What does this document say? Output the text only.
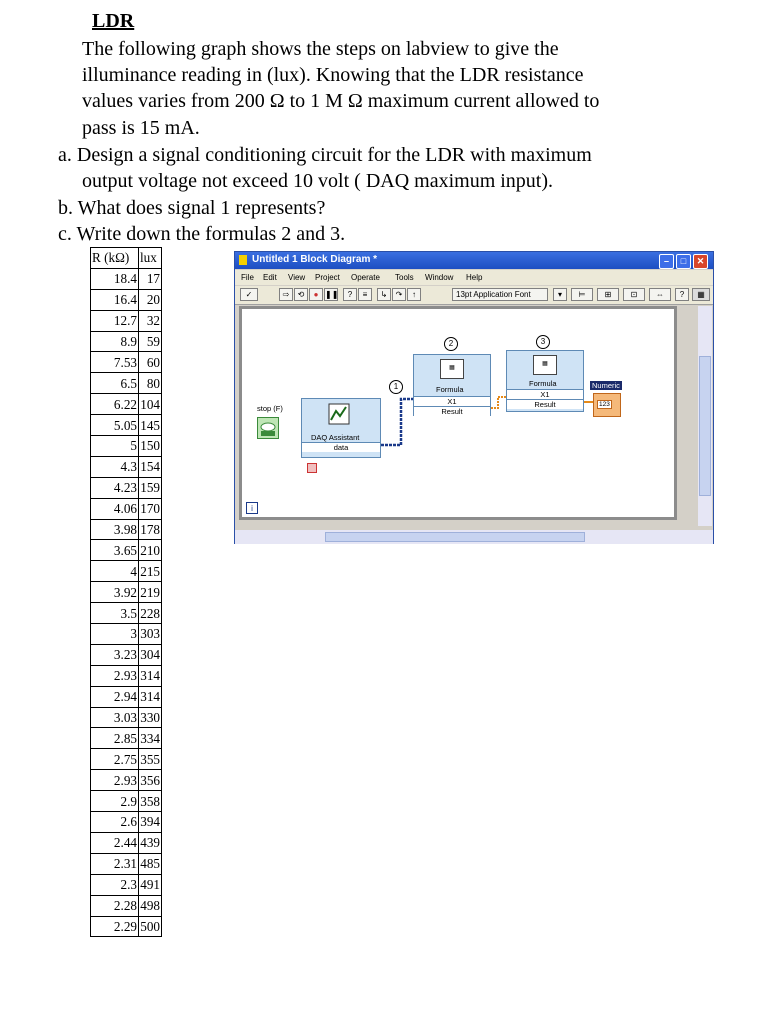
LDR
The following graph shows the steps on labview to give the
illuminance reading in (lux). Knowing that the LDR resistance
values varies from 200 Ω to 1 M Ω maximum current allowed to
pass is 15 mA.
a. Design a signal conditioning circuit for the LDR with maximum
output voltage not exceed 10 volt ( DAQ maximum input).
b. What does signal 1 represents?
c. Write down the formulas 2 and 3.
R (kΩ)	lux
18.4	17
16.4	20
12.7	32
8.9	59
7.53	60
6.5	80
6.22	104
5.05	145
5	150
4.3	154
4.23	159
4.06	170
3.98	178
3.65	210
4	215
3.92	219
3.5	228
3	303
3.23	304
2.93	314
2.94	314
3.03	330
2.85	334
2.75	355
2.93	356
2.9	358
2.6	394
2.44	439
2.31	485
2.3	491
2.28	498
2.29	500
Untitled 1 Block Diagram *	–	□	✕
File Edit View Project Operate Tools Window Help
✓	⇨	⟲	● ❚❚	?	≡	↳	↷	↑	13pt Application Font	▾	⊨	⊞	⊡	⇔	?	▦
stop (F)
DAQ Assistant
data
1
2
▦
Formula
X1
Result
3
▦
Formula
X1
Result
Numeric
123
i
